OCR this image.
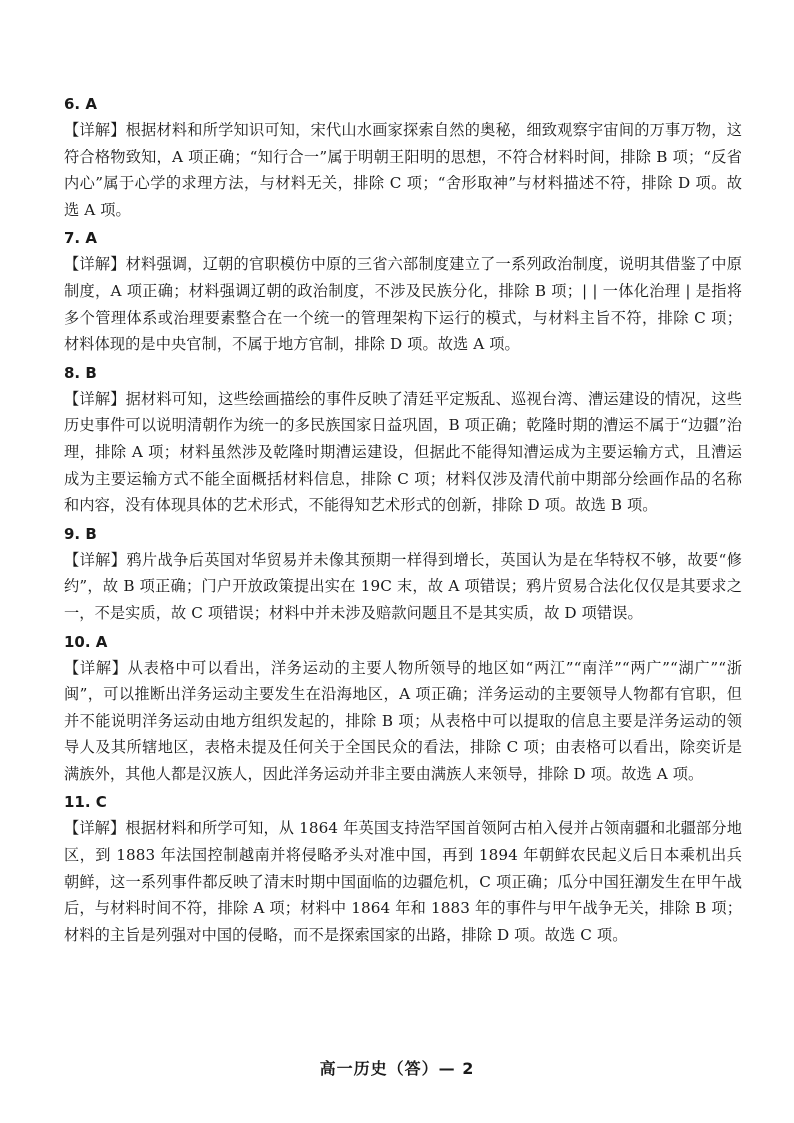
6. A

【详解】根据材料和所学知识可知，宋代山水画家探索自然的奥秘，细致观察宇宙间的万事万物，这符合格物致知，A 项正确；“知行合一”属于明朝王阳明的思想，不符合材料时间，排除 B 项；“反省内心”属于心学的求理方法，与材料无关，排除 C 项；“舍形取神”与材料描述不符，排除 D 项。故选 A 项。

7. A

【详解】材料强调，辽朝的官职模仿中原的三省六部制度建立了一系列政治制度，说明其借鉴了中原制度，A 项正确；材料强调辽朝的政治制度，不涉及民族分化，排除 B 项；| | 一体化治理 | 是指将多个管理体系或治理要素整合在一个统一的管理架构下运行的模式，与材料主旨不符，排除 C 项；材料体现的是中央官制，不属于地方官制，排除 D 项。故选 A 项。

8. B

【详解】据材料可知，这些绘画描绘的事件反映了清廷平定叛乱、巡视台湾、漕运建设的情况，这些历史事件可以说明清朝作为统一的多民族国家日益巩固，B 项正确；乾隆时期的漕运不属于“边疆”治理，排除 A 项；材料虽然涉及乾隆时期漕运建设，但据此不能得知漕运成为主要运输方式，且漕运成为主要运输方式不能全面概括材料信息，排除 C 项；材料仅涉及清代前中期部分绘画作品的名称和内容，没有体现具体的艺术形式，不能得知艺术形式的创新，排除 D 项。故选 B 项。

9. B

【详解】鸦片战争后英国对华贸易并未像其预期一样得到增长，英国认为是在华特权不够，故要“修约”，故 B 项正确；门户开放政策提出实在 19C 末，故 A 项错误；鸦片贸易合法化仅仅是其要求之一，不是实质，故 C 项错误；材料中并未涉及赔款问题且不是其实质，故 D 项错误。

10. A

【详解】从表格中可以看出，洋务运动的主要人物所领导的地区如“两江”“南洋”“两广”“湖广”“浙闽”，可以推断出洋务运动主要发生在沿海地区，A 项正确；洋务运动的主要领导人物都有官职，但并不能说明洋务运动由地方组织发起的，排除 B 项；从表格中可以提取的信息主要是洋务运动的领导人及其所辖地区，表格未提及任何关于全国民众的看法，排除 C 项；由表格可以看出，除奕䜣是满族外，其他人都是汉族人，因此洋务运动并非主要由满族人来领导，排除 D 项。故选 A 项。

11. C

【详解】根据材料和所学可知，从 1864 年英国支持浩罕国首领阿古柏入侵并占领南疆和北疆部分地区，到 1883 年法国控制越南并将侵略矛头对准中国，再到 1894 年朝鲜农民起义后日本乘机出兵朝鲜，这一系列事件都反映了清末时期中国面临的边疆危机，C 项正确；瓜分中国狂潮发生在甲午战后，与材料时间不符，排除 A 项；材料中 1864 年和 1883 年的事件与甲午战争无关，排除 B 项；材料的主旨是列强对中国的侵略，而不是探索国家的出路，排除 D 项。故选 C 项。

高一历史（答）— 2
